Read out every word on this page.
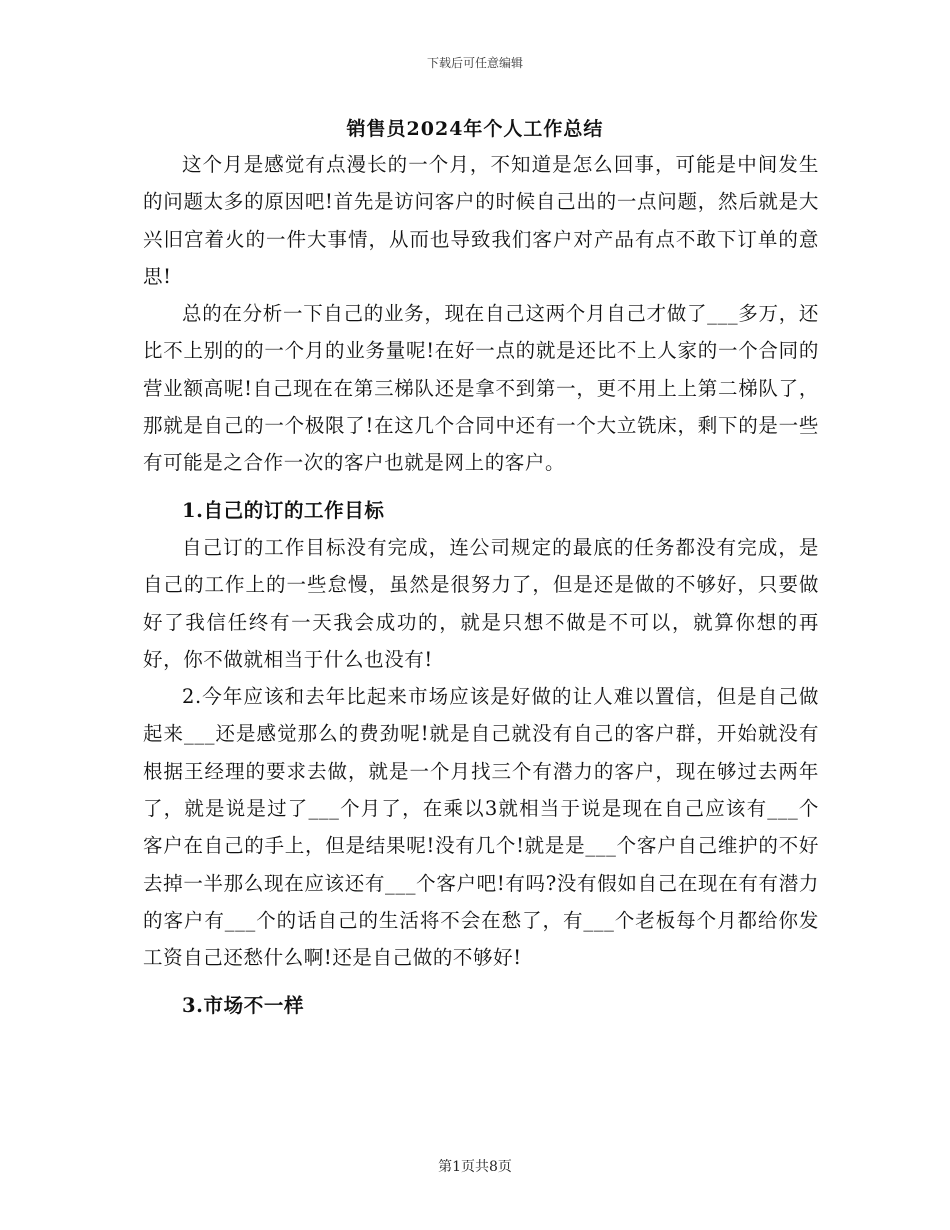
下载后可任意编辑
销售员2024年个人工作总结

这个月是感觉有点漫长的一个月，不知道是怎么回事，可能是中间发生的问题太多的原因吧!首先是访问客户的时候自己出的一点问题，然后就是大兴旧宫着火的一件大事情，从而也导致我们客户对产品有点不敢下订单的意思!

总的在分析一下自己的业务，现在自己这两个月自己才做了___多万，还比不上别的的一个月的业务量呢!在好一点的就是还比不上人家的一个合同的营业额高呢!自己现在在第三梯队还是拿不到第一，更不用上上第二梯队了，那就是自己的一个极限了!在这几个合同中还有一个大立铣床，剩下的是一些有可能是之合作一次的客户也就是网上的客户。

1.自己的订的工作目标

自己订的工作目标没有完成，连公司规定的最底的任务都没有完成，是自己的工作上的一些怠慢，虽然是很努力了，但是还是做的不够好，只要做好了我信任终有一天我会成功的，就是只想不做是不可以，就算你想的再好，你不做就相当于什么也没有!

2.今年应该和去年比起来市场应该是好做的让人难以置信，但是自己做起来___还是感觉那么的费劲呢!就是自己就没有自己的客户群，开始就没有根据王经理的要求去做，就是一个月找三个有潜力的客户，现在够过去两年了，就是说是过了___个月了，在乘以3就相当于说是现在自己应该有___个客户在自己的手上，但是结果呢!没有几个!就是是___个客户自己维护的不好去掉一半那么现在应该还有___个客户吧!有吗?没有假如自己在现在有有潜力的客户有___个的话自己的生活将不会在愁了，有___个老板每个月都给你发工资自己还愁什么啊!还是自己做的不够好!

3.市场不一样

第1页共8页
